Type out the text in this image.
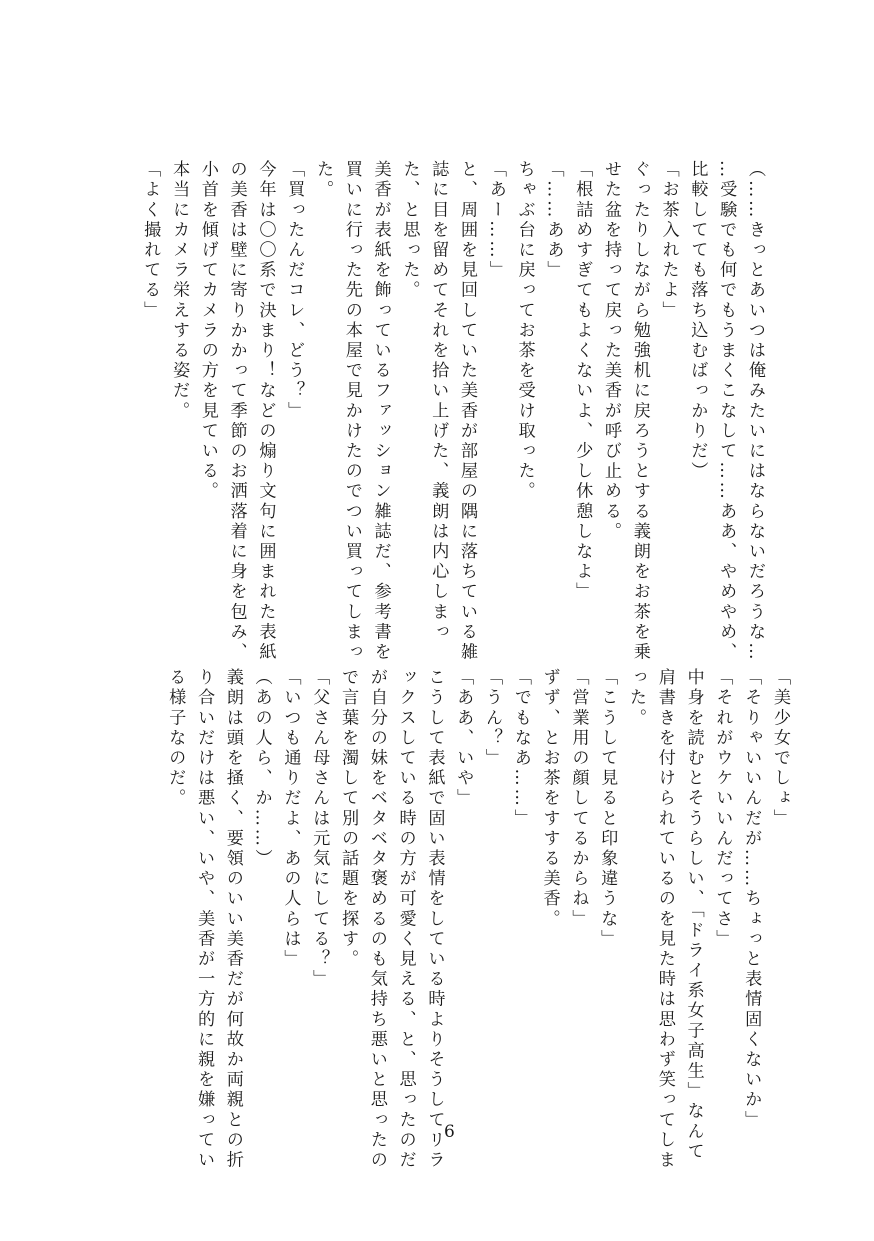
（……きっとあいつは俺みたいにはならないだろうな…
…受験でも何でもうまくこなして……ああ、やめやめ、
比較してても落ち込むばっかりだ）
「お茶入れたよ」
ぐったりしながら勉強机に戻ろうとする義朗をお茶を乗
せた盆を持って戻った美香が呼び止める。
「根詰めすぎてもよくないよ、少し休憩しなよ」
「……ああ」
ちゃぶ台に戻ってお茶を受け取った。
「あー……」
と、周囲を見回していた美香が部屋の隅に落ちている雑
誌に目を留めてそれを拾い上げた、義朗は内心しまっ
た、と思った。
美香が表紙を飾っているファッション雑誌だ、参考書を
買いに行った先の本屋で見かけたのでつい買ってしまっ
た。
「買ったんだコレ、どう？」
今年は〇〇系で決まり！などの煽り文句に囲まれた表紙
の美香は壁に寄りかかって季節のお洒落着に身を包み、
小首を傾げてカメラの方を見ている。
本当にカメラ栄えする姿だ。
「よく撮れてる」
「美少女でしょ」
「そりゃいいんだが……ちょっと表情固くないか」
「それがウケいいんだってさ」
中身を読むとそうらしい、「ドライ系女子高生」なんて
肩書きを付けられているのを見た時は思わず笑ってしま
った。
「こうして見ると印象違うな」
「営業用の顔してるからね」
ずず、とお茶をすする美香。
「でもなあ……」
「うん？」
「ああ、いや」
こうして表紙で固い表情をしている時よりそうしてリラ
ックスしている時の方が可愛く見える、と、思ったのだ
が自分の妹をベタベタ褒めるのも気持ち悪いと思ったの
で言葉を濁して別の話題を探す。
「父さん母さんは元気にしてる？」
「いつも通りだよ、あの人らは」
（あの人ら、か……）
義朗は頭を掻く、要領のいい美香だが何故か両親との折
り合いだけは悪い、いや、美香が一方的に親を嫌ってい
る様子なのだ。
6
